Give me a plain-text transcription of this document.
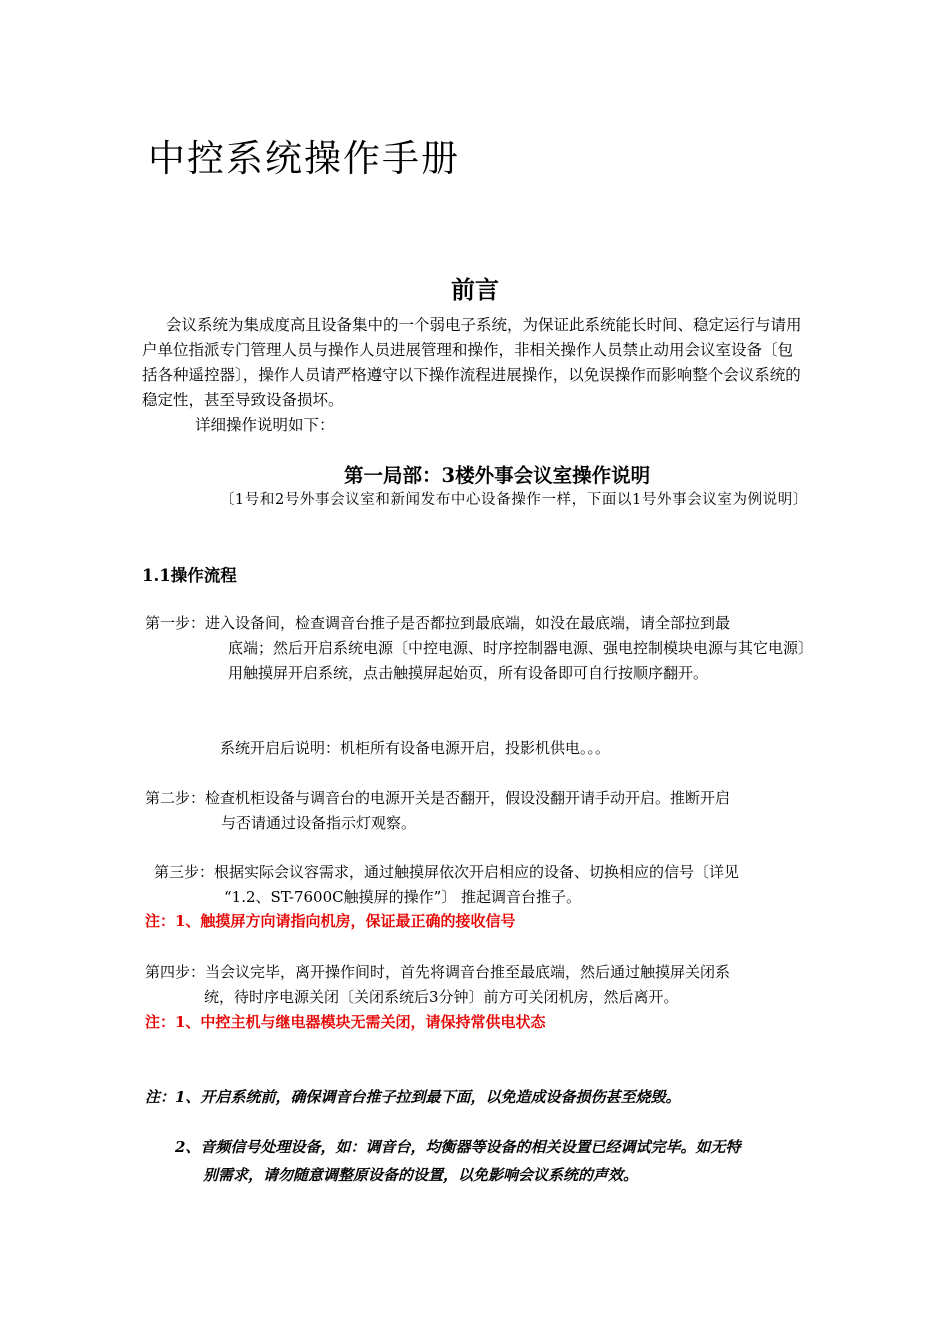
中控系统操作手册
前言
会议系统为集成度高且设备集中的一个弱电子系统，为保证此系统能长时间、稳定运行与请用户单位指派专门管理人员与操作人员进展管理和操作，非相关操作人员禁止动用会议室设备〔包括各种遥控器〕，操作人员请严格遵守以下操作流程进展操作，以免误操作而影响整个会议系统的稳定性，甚至导致设备损坏。
详细操作说明如下：
第一局部：3楼外事会议室操作说明
〔1号和2号外事会议室和新闻发布中心设备操作一样，下面以1号外事会议室为例说明〕
1.1操作流程
第一步：进入设备间，检查调音台推子是否都拉到最底端，如没在最底端，请全部拉到最
底端；然后开启系统电源〔中控电源、时序控制器电源、强电控制模块电源与其它电源〕用触摸屏开启系统，点击触摸屏起始页，所有设备即可自行按顺序翻开。
系统开启后说明：机柜所有设备电源开启，投影机供电。。。
第二步：检查机柜设备与调音台的电源开关是否翻开，假设没翻开请手动开启。推断开启
与否请通过设备指示灯观察。
第三步：根据实际会议容需求，通过触摸屏依次开启相应的设备、切换相应的信号〔详见
“1.2、ST-7600C触摸屏的操作”〕 推起调音台推子。
注：1、触摸屏方向请指向机房，保证最正确的接收信号
第四步：当会议完毕，离开操作间时，首先将调音台推至最底端，然后通过触摸屏关闭系
统，待时序电源关闭〔关闭系统后3分钟〕前方可关闭机房，然后离开。
注：1、中控主机与继电器模块无需关闭，请保持常供电状态
注：1、开启系统前，确保调音台推子拉到最下面，以免造成设备损伤甚至烧毁。
2、音频信号处理设备，如：调音台，均衡器等设备的相关设置已经调试完毕。如无特
别需求，请勿随意调整原设备的设置，以免影响会议系统的声效。
